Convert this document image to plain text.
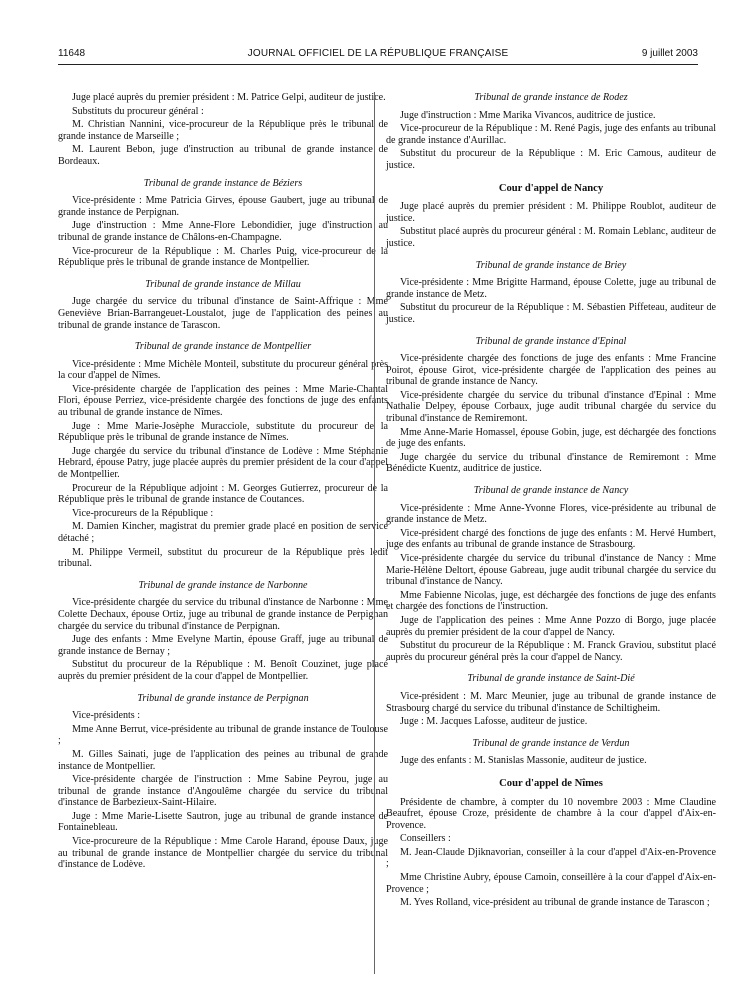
11648	JOURNAL OFFICIEL DE LA RÉPUBLIQUE FRANÇAISE	9 juillet 2003
Juge placé auprès du premier président : M. Patrice Gelpi, auditeur de justice.
Substituts du procureur général :
M. Christian Nannini, vice-procureur de la République près le tribunal de grande instance de Marseille ;
M. Laurent Bebon, juge d'instruction au tribunal de grande instance de Bordeaux.
Tribunal de grande instance de Béziers
Vice-présidente : Mme Patricia Girves, épouse Gaubert, juge au tribunal de grande instance de Perpignan.
Juge d'instruction : Mme Anne-Flore Lebondidier, juge d'instruction au tribunal de grande instance de Châlons-en-Champagne.
Vice-procureur de la République : M. Charles Puig, vice-procureur de la République près le tribunal de grande instance de Montpellier.
Tribunal de grande instance de Millau
Juge chargée du service du tribunal d'instance de Saint-Affrique : Mme Geneviève Brian-Barrangeuet-Loustalot, juge de l'application des peines au tribunal de grande instance de Tarascon.
Tribunal de grande instance de Montpellier
Vice-présidente : Mme Michèle Monteil, substitute du procureur général près la cour d'appel de Nîmes.
Vice-présidente chargée de l'application des peines : Mme Marie-Chantal Flori, épouse Perriez, vice-présidente chargée des fonctions de juge des enfants au tribunal de grande instance de Nîmes.
Juge : Mme Marie-Josèphe Muracciole, substitute du procureur de la République près le tribunal de grande instance de Nîmes.
Juge chargée du service du tribunal d'instance de Lodève : Mme Stéphanie Hebrard, épouse Patry, juge placée auprès du premier président de la cour d'appel de Montpellier.
Procureur de la République adjoint : M. Georges Gutierrez, procureur de la République près le tribunal de grande instance de Coutances.
Vice-procureurs de la République :
M. Damien Kincher, magistrat du premier grade placé en position de service détaché ;
M. Philippe Vermeil, substitut du procureur de la République près ledit tribunal.
Tribunal de grande instance de Narbonne
Vice-présidente chargée du service du tribunal d'instance de Narbonne : Mme Colette Dechaux, épouse Ortiz, juge au tribunal de grande instance de Perpignan chargée du service du tribunal d'instance de Perpignan.
Juge des enfants : Mme Evelyne Martin, épouse Graff, juge au tribunal de grande instance de Bernay ;
Substitut du procureur de la République : M. Benoît Couzinet, juge placé auprès du premier président de la cour d'appel de Montpellier.
Tribunal de grande instance de Perpignan
Vice-présidents :
Mme Anne Berrut, vice-présidente au tribunal de grande instance de Toulouse ;
M. Gilles Sainati, juge de l'application des peines au tribunal de grande instance de Montpellier.
Vice-présidente chargée de l'instruction : Mme Sabine Peyrou, juge au tribunal de grande instance d'Angoulême chargée du service du tribunal d'instance de Barbezieux-Saint-Hilaire.
Juge : Mme Marie-Lisette Sautron, juge au tribunal de grande instance de Fontainebleau.
Vice-procureure de la République : Mme Carole Harand, épouse Daux, juge au tribunal de grande instance de Montpellier chargée du service du tribunal d'instance de Lodève.
Tribunal de grande instance de Rodez
Juge d'instruction : Mme Marika Vivancos, auditrice de justice.
Vice-procureur de la République : M. René Pagis, juge des enfants au tribunal de grande instance d'Aurillac.
Substitut du procureur de la République : M. Eric Camous, auditeur de justice.
Cour d'appel de Nancy
Juge placé auprès du premier président : M. Philippe Roublot, auditeur de justice.
Substitut placé auprès du procureur général : M. Romain Leblanc, auditeur de justice.
Tribunal de grande instance de Briey
Vice-présidente : Mme Brigitte Harmand, épouse Colette, juge au tribunal de grande instance de Metz.
Substitut du procureur de la République : M. Sébastien Piffeteau, auditeur de justice.
Tribunal de grande instance d'Epinal
Vice-présidente chargée des fonctions de juge des enfants : Mme Francine Poirot, épouse Girot, vice-présidente chargée de l'application des peines au tribunal de grande instance de Nancy.
Vice-présidente chargée du service du tribunal d'instance d'Epinal : Mme Nathalie Delpey, épouse Corbaux, juge audit tribunal chargée du service du tribunal d'instance de Remiremont.
Mme Anne-Marie Homassel, épouse Gobin, juge, est déchargée des fonctions de juge des enfants.
Juge chargée du service du tribunal d'instance de Remiremont : Mme Bénédicte Kuentz, auditrice de justice.
Tribunal de grande instance de Nancy
Vice-présidente : Mme Anne-Yvonne Flores, vice-présidente au tribunal de grande instance de Metz.
Vice-président chargé des fonctions de juge des enfants : M. Hervé Humbert, juge des enfants au tribunal de grande instance de Strasbourg.
Vice-présidente chargée du service du tribunal d'instance de Nancy : Mme Marie-Hélène Deltort, épouse Gabreau, juge audit tribunal chargée du service du tribunal d'instance de Nancy.
Mme Fabienne Nicolas, juge, est déchargée des fonctions de juge des enfants et chargée des fonctions de l'instruction.
Juge de l'application des peines : Mme Anne Pozzo di Borgo, juge placée auprès du premier président de la cour d'appel de Nancy.
Substitut du procureur de la République : M. Franck Graviou, substitut placé auprès du procureur général près la cour d'appel de Nancy.
Tribunal de grande instance de Saint-Dié
Vice-président : M. Marc Meunier, juge au tribunal de grande instance de Strasbourg chargé du service du tribunal d'instance de Schiltigheim.
Juge : M. Jacques Lafosse, auditeur de justice.
Tribunal de grande instance de Verdun
Juge des enfants : M. Stanislas Massonie, auditeur de justice.
Cour d'appel de Nîmes
Présidente de chambre, à compter du 10 novembre 2003 : Mme Claudine Beaufret, épouse Croze, présidente de chambre à la cour d'appel d'Aix-en-Provence.
Conseillers :
M. Jean-Claude Djiknavorian, conseiller à la cour d'appel d'Aix-en-Provence ;
Mme Christine Aubry, épouse Camoin, conseillère à la cour d'appel d'Aix-en-Provence ;
M. Yves Rolland, vice-président au tribunal de grande instance de Tarascon ;
